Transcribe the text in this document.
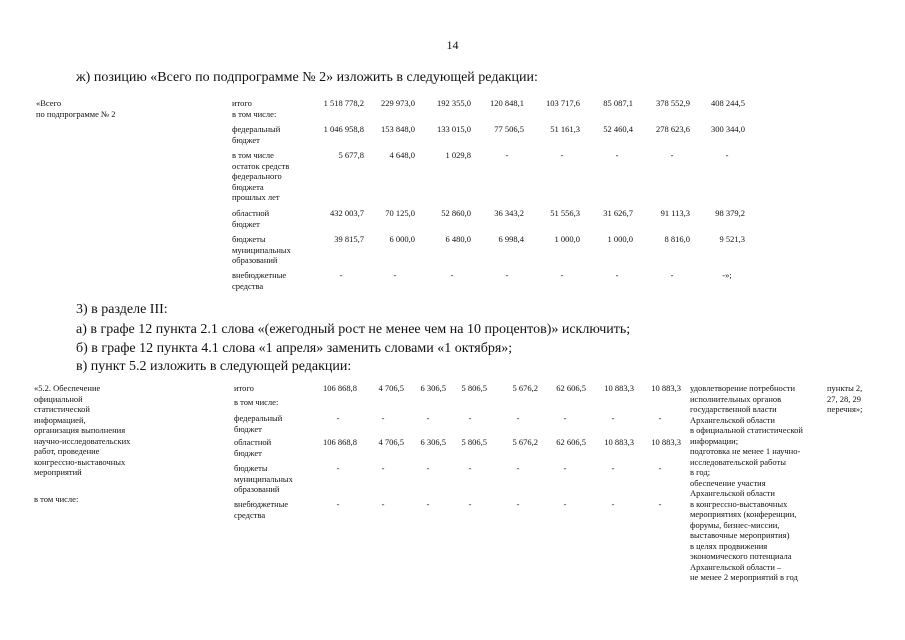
14
ж) позицию «Всего по подпрограмме № 2» изложить в следующей редакции:
«Всего
по подпрограмме № 2
итого
в том числе:
1 518 778,2	229 973,0	192 355,0	120 848,1	103 717,6	85 087,1	378 552,9	408 244,5
федеральный
бюджет
1 046 958,8	153 848,0	133 015,0	77 506,5	51 161,3	52 460,4	278 623,6	300 344,0
в том числе
остаток средств
федерального
бюджета
прошлых лет
5 677,8	4 648,0	1 029,8	-	-	-	-	-
областной
бюджет
432 003,7	70 125,0	52 860,0	36 343,2	51 556,3	31 626,7	91 113,3	98 379,2
бюджеты
муниципальных
образований
39 815,7	6 000,0	6 480,0	6 998,4	1 000,0	1 000,0	8 816,0	9 521,3
внебюджетные
средства
-	-	-	-	-	-	-	-»;
3) в разделе III:
а) в графе 12 пункта 2.1 слова «(ежегодный рост не менее чем на 10 процентов)» исключить;
б) в графе 12 пункта 4.1 слова «1 апреля» заменить словами «1 октября»;
в) пункт 5.2 изложить в следующей редакции:
«5.2. Обеспечение
официальной
статистической
информацией,
организация выполнения
научно-исследовательских
работ, проведение
конгрессно-выставочных
мероприятий
в том числе:
итого	106 868,8	4 706,5	6 306,5	5 806,5	5 676,2	62 606,5	10 883,3	10 883,3
в том числе:
федеральный
бюджет
-	-	-	-	-	-	-	-
областной
бюджет
106 868,8	4 706,5	6 306,5	5 806,5	5 676,2	62 606,5	10 883,3	10 883,3
бюджеты
муниципальных
образований
-	-	-	-	-	-	-	-
внебюджетные
средства
-	-	-	-	-	-	-	-
удовлетворение потребности
исполнительных органов
государственной власти
Архангельской области
в официальной статистической
информации;
подготовка не менее 1 научно-
исследовательской работы
в год;
обеспечение участия
Архангельской области
в конгрессно-выставочных
мероприятиях (конференции,
форумы, бизнес-миссии,
выставочные мероприятия)
в целях продвижения
экономического потенциала
Архангельской области –
не менее 2 мероприятий в год
пункты 2,
27, 28, 29
перечня»;
